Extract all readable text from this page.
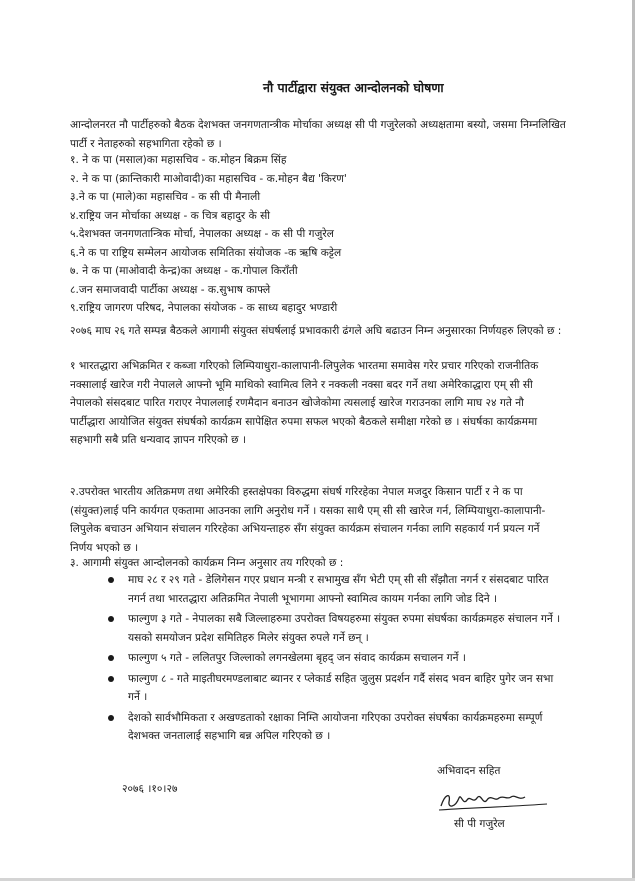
नौ पार्टीद्वारा संयुक्त आन्दोलनको घोषणा
आन्दोलनरत नौ पार्टीहरुको बैठक देशभक्त जनगणतान्त्रीक मोर्चाका अध्यक्ष सी पी गजुरेलको अध्यक्षतामा बस्यो, जसमा निम्नलिखित पार्टी र नेताहरुको सहभागिता रहेको छ ।
१. ने क पा (मसाल)का महासचिव - क.मोहन बिक्रम सिंह
२. ने क पा (क्रान्तिकारी माओवादी)का महासचिव - क.मोहन बैद्य 'किरण'
३.ने क पा (माले)का महासचिव - क सी पी मैनाली
४.राष्ट्रिय जन मोर्चाका अध्यक्ष - क चित्र बहादुर के सी
५.देशभक्त जनगणतान्त्रिक मोर्चा, नेपालका अध्यक्ष - क सी पी गजुरेल
६.ने क पा राष्ट्रिय सम्मेलन आयोजक समितिका संयोजक -क ऋषि कट्टेल
७. ने क पा (माओवादी केन्द्र)का अध्यक्ष - क.गोपाल किराँती
८.जन समाजवादी पार्टीका अध्यक्ष - क.सुभाष काफ्ले
९.राष्ट्रिय जागरण परिषद, नेपालका संयोजक - क साध्य बहादुर भण्डारी
२०७६ माघ २६ गते सम्पन्न बैठकले आगामी संयुक्त संघर्षलाई प्रभावकारी ढंगले अघि बढाउन निम्न अनुसारका निर्णयहरु लिएको छ :
१ भारतद्धारा अभिक्रमित र कब्जा गरिएको लिम्पियाधुरा-कालापानी-लिपुलेक भारतमा समावेस गरेर प्रचार गरिएको राजनीतिक नक्सालाई खारेज गरी नेपालले आफ्नो भूमि माथिको स्वामित्व लिने र नक्कली नक्सा बदर गर्ने तथा अमेरिकाद्धारा एम् सी सी नेपालको संसदबाट पारित गराएर नेपाललाई रणमैदान बनाउन खोजेकोमा त्यसलाई खारेज गराउनका लागि माघ २४ गते नौ पार्टीद्धारा आयोजित संयुक्त संघर्षको कार्यक्रम सापेक्षित रुपमा सफल भएको बैठकले समीक्षा गरेको छ । संघर्षका कार्यक्रममा सहभागी सबै प्रति धन्यवाद ज्ञापन गरिएको छ ।
२.उपरोक्त भारतीय अतिक्रमण तथा अमेरिकी हस्तक्षेपका विरुद्धमा संघर्ष गरिरहेका नेपाल मजदुर किसान पार्टी र ने क पा (संयुक्त)लाई पनि कार्यगत एकतामा आउनका लागि अनुरोध गर्ने । यसका साथै एम् सी सी खारेज गर्न, लिम्पियाधुरा-कालापानी-लिपुलेक बचाउन अभियान संचालन गरिरहेका अभियन्ताहरु सँग संयुक्त कार्यक्रम संचालन गर्नका लागि सहकार्य गर्न प्रयत्न गर्ने निर्णय भएको छ ।
३. आगामी संयुक्त आन्दोलनको कार्यक्रम निम्न अनुसार तय गरिएको छ :
माघ २८ र २९ गते - डेलिगेसन गएर प्रधान मन्त्री र सभामुख सँग भेटी एम् सी सी सँझौता नगर्न र संसदबाट पारित नगर्न तथा भारतद्धारा अतिक्रमित नेपाली भूभागमा आफ्नो स्वामित्व कायम गर्नका लागि जोड दिने ।
फाल्गुण ३ गते - नेपालका सबै जिल्लाहरुमा उपरोक्त विषयहरुमा संयुक्त रुपमा संघर्षका कार्यक्रमहरु संचालन गर्ने । यसको समयोजन प्रदेश समितिहरु मिलेर संयुक्त रुपले गर्ने छन् ।
फाल्गुण ५ गते - ललितपुर जिल्लाको लगनखेलमा बृहद् जन संवाद कार्यक्रम सचालन गर्ने ।
फाल्गुण ८ - गते माइतीघरमण्डलाबाट ब्यानर र प्लेकार्ड सहित जुलुस प्रदर्शन गर्दै संसद भवन बाहिर पुगेर जन सभा गर्ने ।
देशको सार्वभौमिकता र अखण्डताको रक्षाका निम्ति आयोजना गरिएका उपरोक्त संघर्षका कार्यक्रमहरुमा सम्पूर्ण देशभक्त जनतालाई सहभागि बन्न अपिल गरिएको छ ।
अभिवादन सहित
२०७६ ।१०।२७
सी पी गजुरेल
